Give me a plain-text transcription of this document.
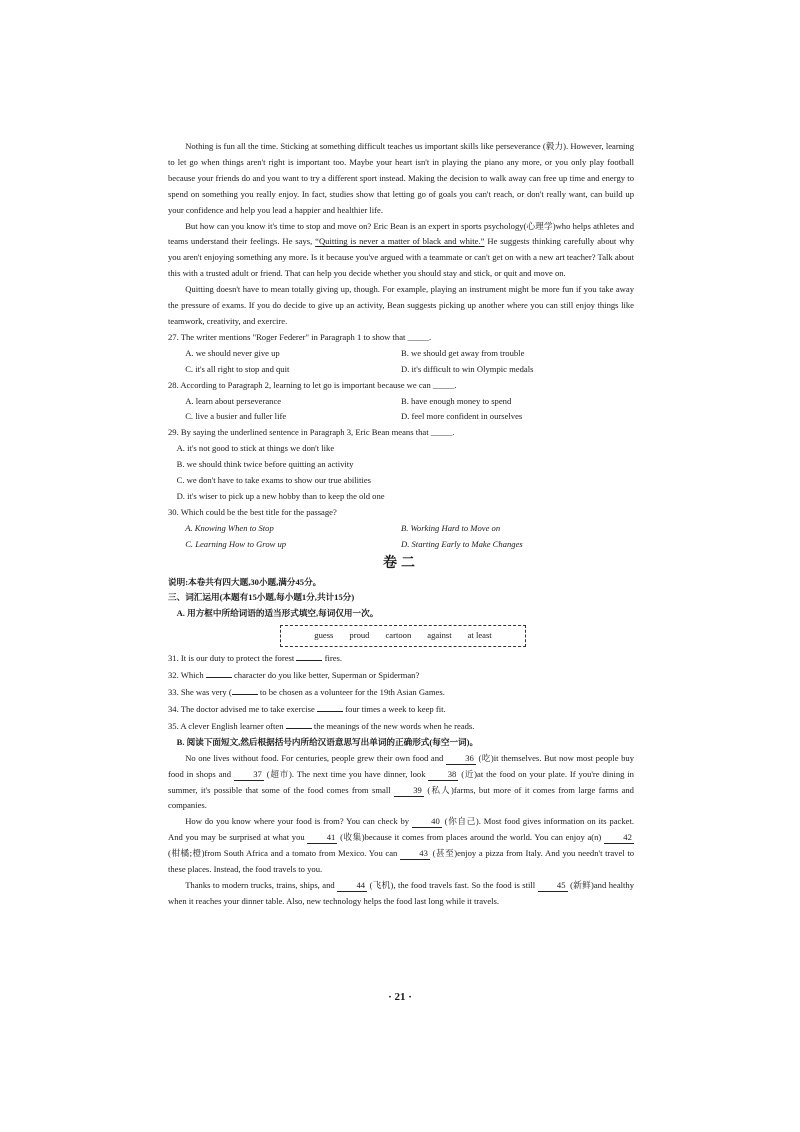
Nothing is fun all the time. Sticking at something difficult teaches us important skills like perseverance (毅力). However, learning to let go when things aren't right is important too. Maybe your heart isn't in playing the piano any more, or you only play football because your friends do and you want to try a different sport instead. Making the decision to walk away can free up time and energy to spend on something you really enjoy. In fact, studies show that letting go of goals you can't reach, or don't really want, can build up your confidence and help you lead a happier and healthier life.

But how can you know it's time to stop and move on? Eric Bean is an expert in sports psychology(心理学)who helps athletes and teams understand their feelings. He says, “Quitting is never a matter of black and white.” He suggests thinking carefully about why you aren't enjoying something any more. Is it because you've argued with a teammate or can't get on with a new art teacher? Talk about this with a trusted adult or friend. That can help you decide whether you should stay and stick, or quit and move on.

Quitting doesn't have to mean totally giving up, though. For example, playing an instrument might be more fun if you take away the pressure of exams. If you do decide to give up an activity, Bean suggests picking up another where you can still enjoy things like teamwork, creativity, and exercire.

27. The writer mentions "Roger Federer" in Paragraph 1 to show that _____.

A. we should never give up	B. we should get away from trouble
C. it's all right to stop and quit	D. it's difficult to win Olympic medals

28. According to Paragraph 2, learning to let go is important because we can _____.

A. learn about perseverance	B. have enough money to spend
C. live a busier and fuller life	D. feel more confident in ourselves

29. By saying the underlined sentence in Paragraph 3, Eric Bean means that _____.

A. it's not good to stick at things we don't like

B. we should think twice before quitting an activity

C. we don't have to take exams to show our true abilities

D. it's wiser to pick up a new hobby than to keep the old one

30. Which could be the best title for the passage?

A. Knowing When to Stop	B. Working Hard to Move on
C. Learning How to Grow up	D. Starting Early to Make Changes

卷二

说明:本卷共有四大题,30小题,满分45分。

三、词汇运用(本题有15小题,每小题1分,共计15分)

A. 用方框中所给词语的适当形式填空,每词仅用一次。

guess proud cartoon against at least

31. It is our duty to protect the forest	fires.

32. Which	character do you like better, Superman or Spiderman?

33. She was very (	to be chosen as a volunteer for the 19th Asian Games.

34. The doctor advised me to take exercise	four times a week to keep fit.

35. A clever English learner often	the meanings of the new words when he reads.

B. 阅读下面短文,然后根据括号内所给汉语意思写出单词的正确形式(每空一词)。

No one lives without food. For centuries, people grew their own food and	36 (吃)it themselves. But now most people buy food in shops and	37 (超市). The next time you have dinner, look	38 (近)at the food on your plate. If you're dining in summer, it's possible that some of the food comes from small	39 (私人)farms, but more of it comes from large farms and companies.

How do you know where your food is from? You can check by	40 (你自己). Most food gives information on its packet. And you may be surprised at what you	41 (收集)because it comes from places around the world. You can enjoy a(n)	42 (柑橘;橙)from South Africa and a tomato from Mexico. You can	43 (甚至)enjoy a pizza from Italy. And you needn't travel to these places. Instead, the food travels to you.

Thanks to modern trucks, trains, ships, and	44 (飞机), the food travels fast. So the food is still	45 (新鲜)and healthy when it reaches your dinner table. Also, new technology helps the food last long while it travels.

· 21 ·
